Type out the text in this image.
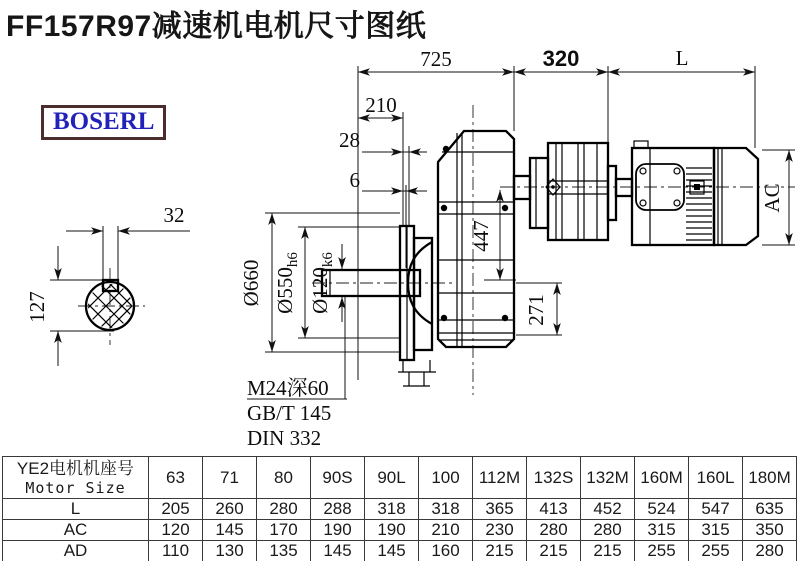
FF157R97减速机电机尺寸图纸
BOSERL
725	320	L
210
28
6
32
127
Ø660 $Ø550_{h6}$
$Ø120_{k6}$
447
271
AC
M24深60
GB/T 145
DIN 332
YE2电机机座号
Motor Size	63	71	80	90S	90L	100	112M	132S	132M	160M	160L	180M
L	205	260	280	288	318	318	365	413	452	524	547	635
AC	120	145	170	190	190	210	230	280	280	315	315	350
AD	110	130	135	145	145	160	215	215	215	255	255	280
